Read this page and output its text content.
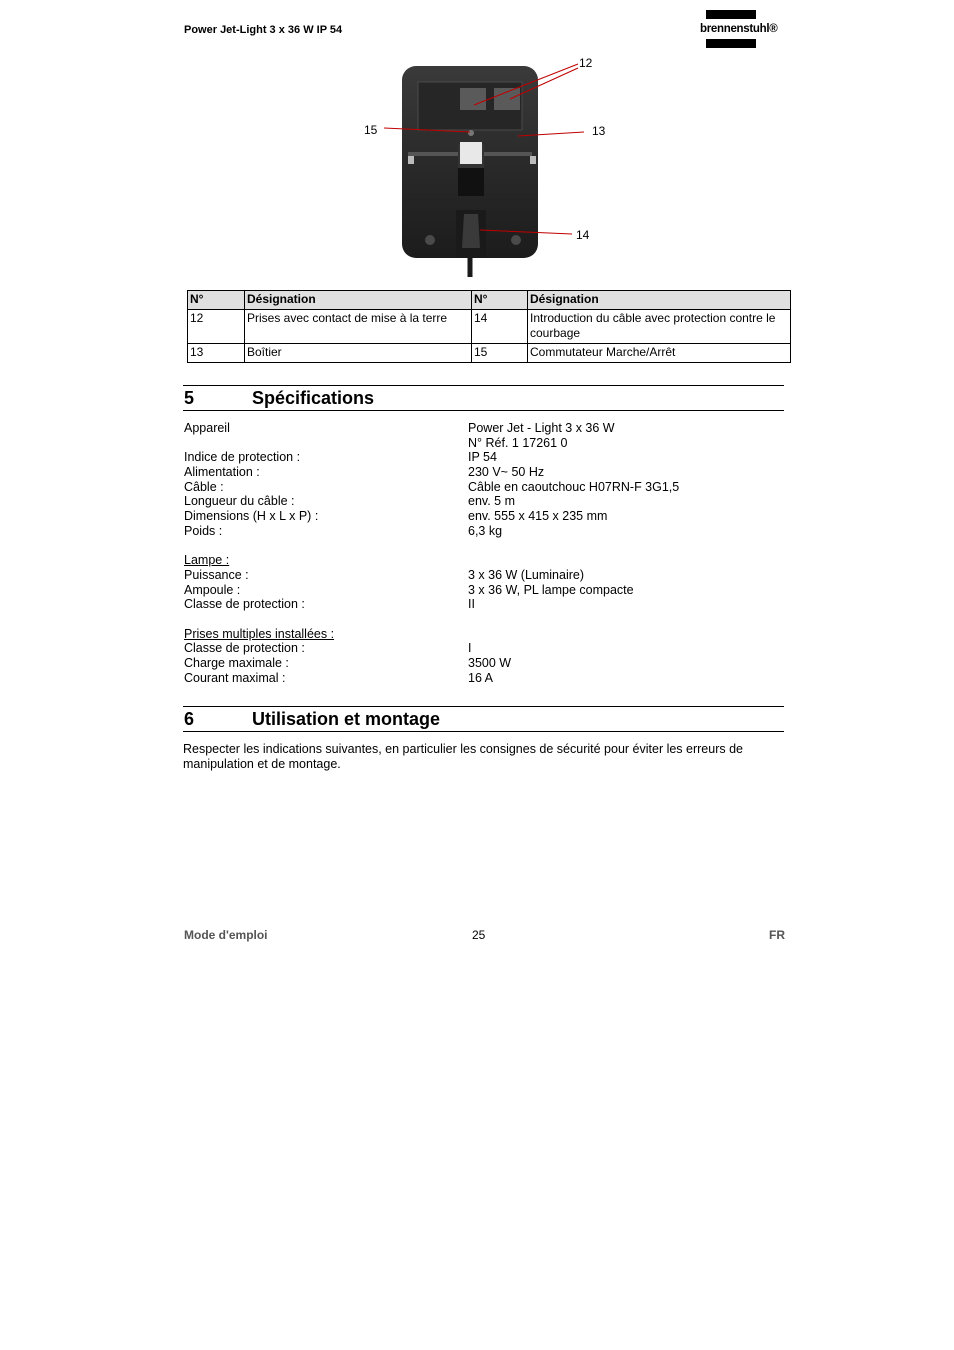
Power Jet-Light 3 x 36 W IP 54	brennenstuhl®
12
13
14
15
N°	Désignation	N°	Désignation
12	Prises avec contact de mise à la terre	14	Introduction du câble avec protection contre le courbage
13	Boîtier	15	Commutateur Marche/Arrêt
5	Spécifications
Appareil	Power Jet - Light 3 x 36 W
N° Réf. 1 17261 0
Indice de protection :	IP 54
Alimentation :	230 V~ 50 Hz
Câble :	Câble en caoutchouc H07RN-F 3G1,5
Longueur du câble :	env. 5 m
Dimensions (H x L x P) :	env. 555 x 415 x 235 mm
Poids :	6,3 kg
Lampe :
Puissance :	3 x 36 W (Luminaire)
Ampoule :	3 x 36 W, PL lampe compacte
Classe de protection :	II
Prises multiples installées :
Classe de protection :	I
Charge maximale :	3500 W
Courant maximal :	16 A
6	Utilisation et montage
Respecter les indications suivantes, en particulier les consignes de sécurité pour éviter les erreurs de manipulation et de montage.
Mode d'emploi	25	FR
